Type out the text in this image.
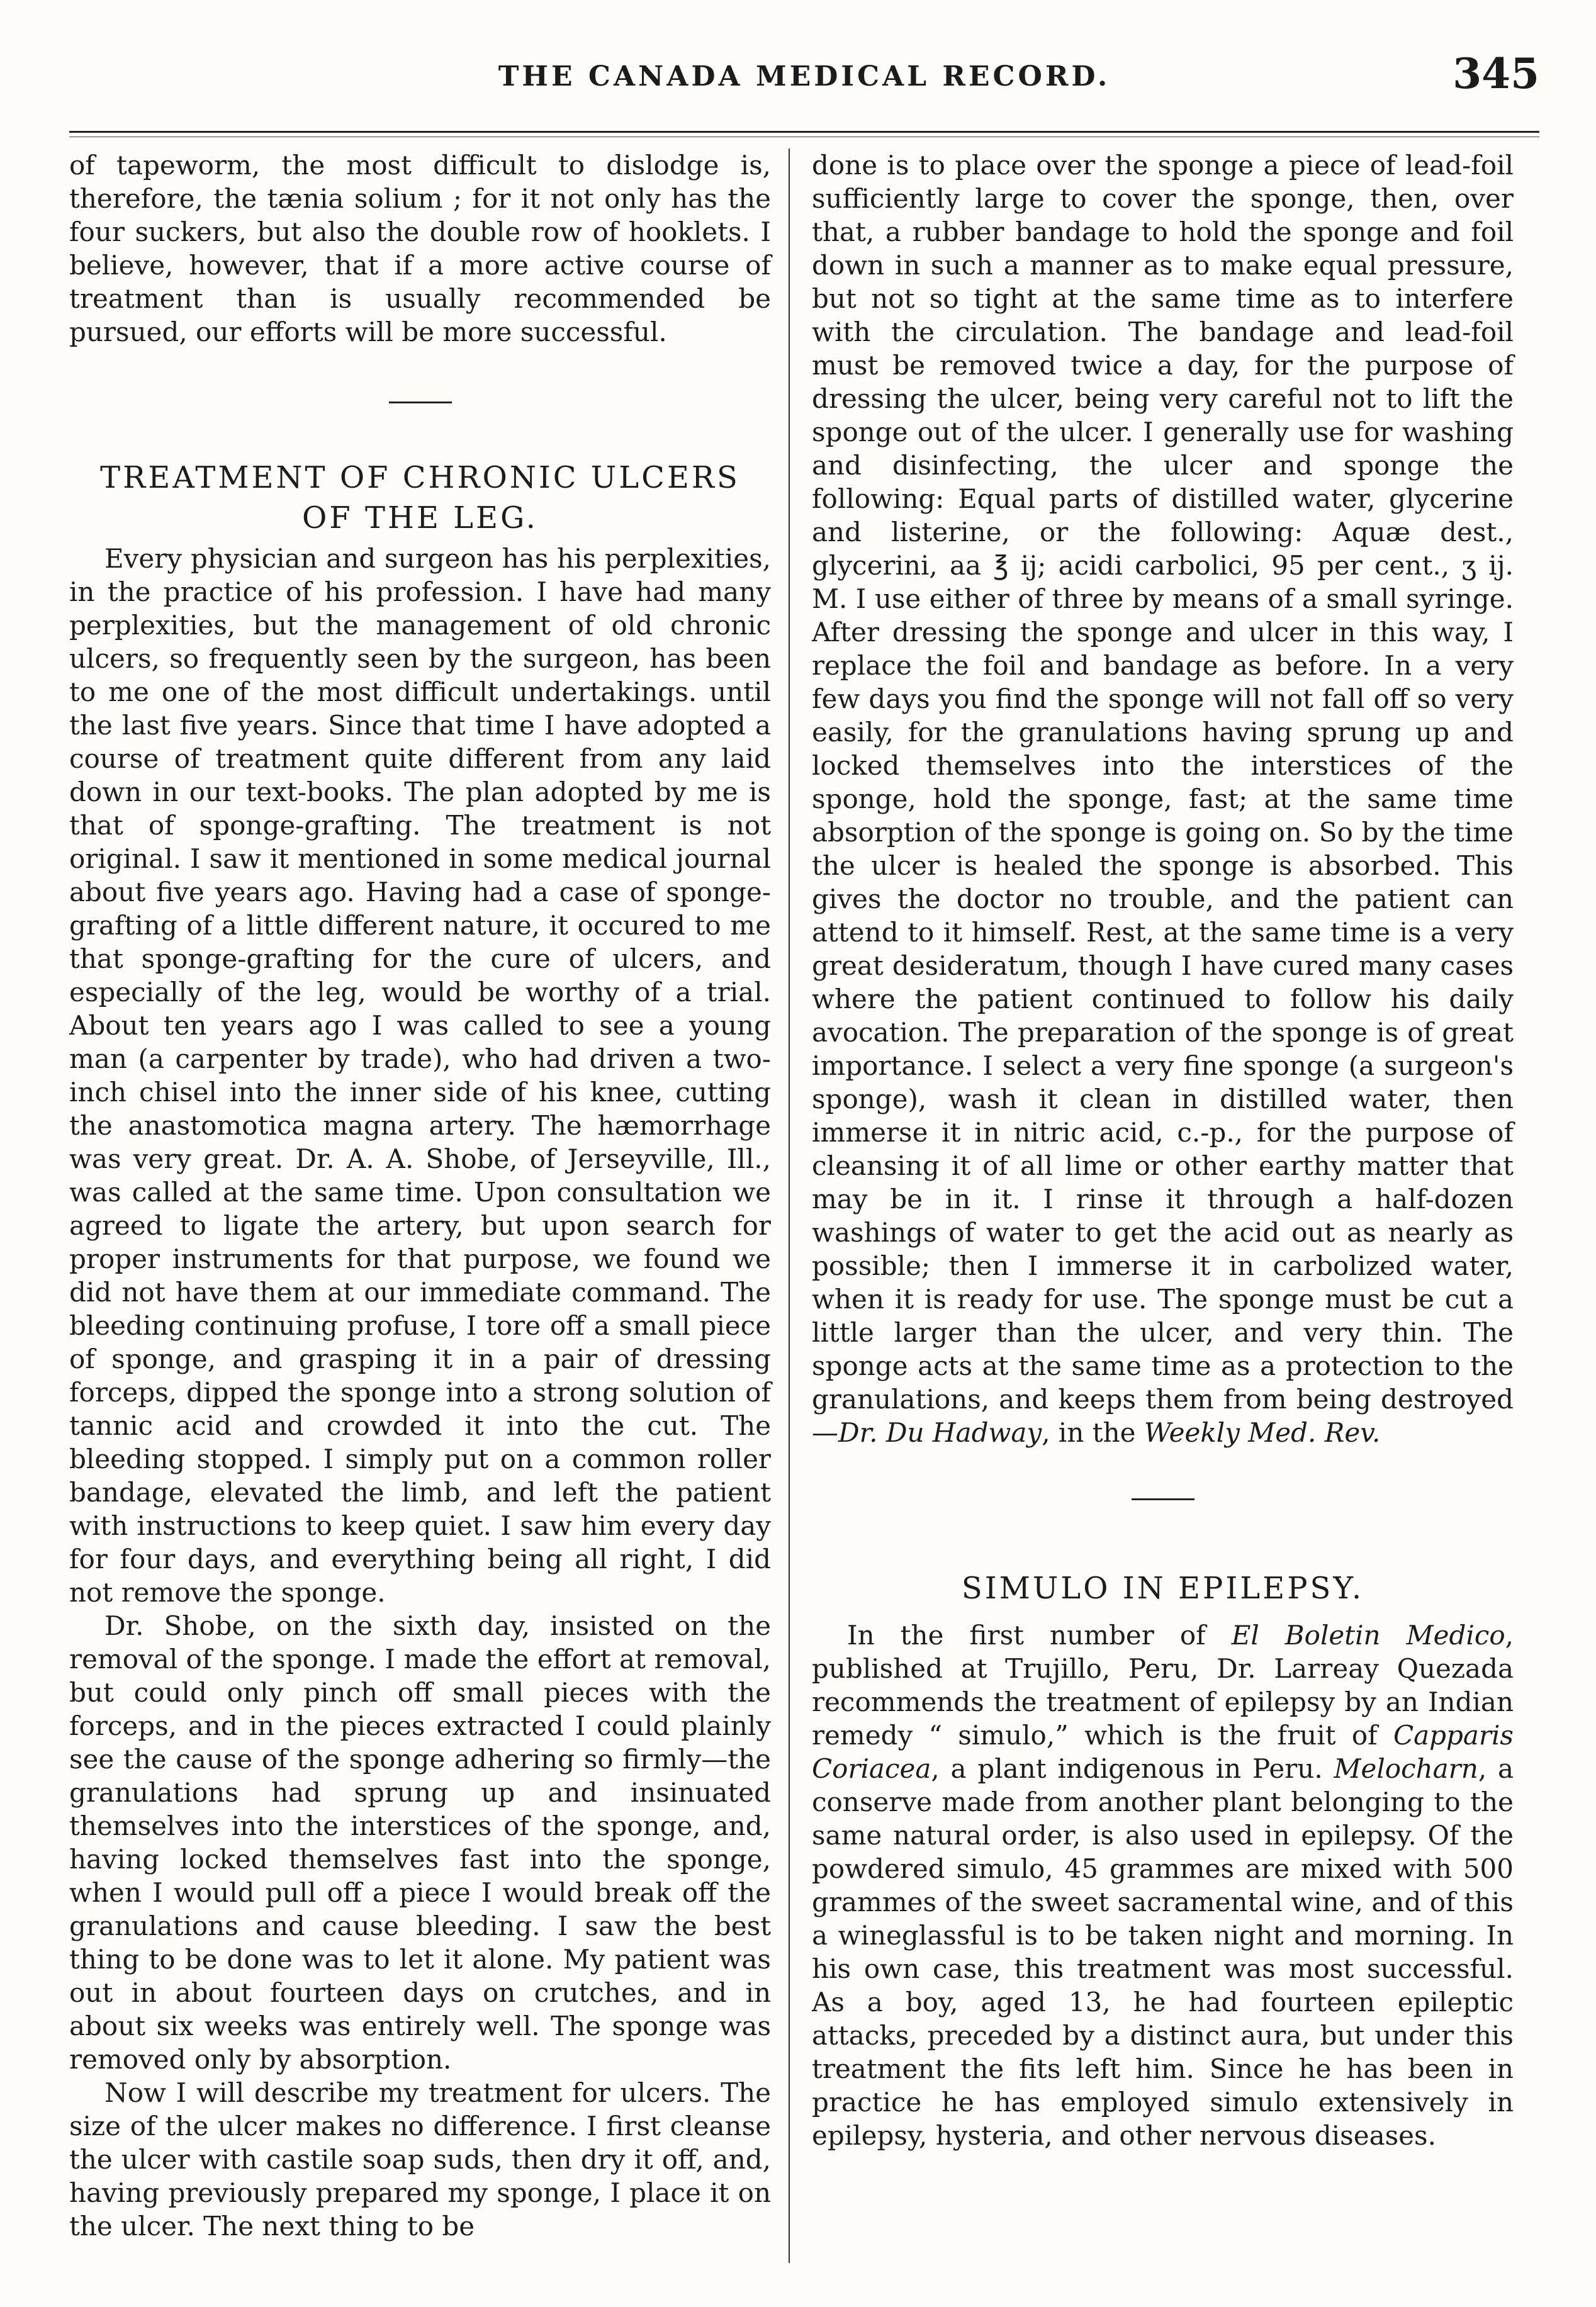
THE CANADA MEDICAL RECORD.	345

of tapeworm, the most difficult to dislodge is, therefore, the tænia solium ; for it not only has the four suckers, but also the double row of hooklets. I believe, however, that if a more active course of treatment than is usually recommended be pursued, our efforts will be more successful.

TREATMENT OF CHRONIC ULCERS
OF THE LEG.

Every physician and surgeon has his perplexities, in the practice of his profession. I have had many perplexities, but the management of old chronic ulcers, so frequently seen by the surgeon, has been to me one of the most difficult undertakings. until the last five years. Since that time I have adopted a course of treatment quite different from any laid down in our text-books. The plan adopted by me is that of sponge-grafting. The treatment is not original. I saw it mentioned in some medical journal about five years ago. Having had a case of sponge-grafting of a little different nature, it occured to me that sponge-grafting for the cure of ulcers, and especially of the leg, would be worthy of a trial. About ten years ago I was called to see a young man (a carpenter by trade), who had driven a two-inch chisel into the inner side of his knee, cutting the anastomotica magna artery. The hæmorrhage was very great. Dr. A. A. Shobe, of Jerseyville, Ill., was called at the same time. Upon consultation we agreed to ligate the artery, but upon search for proper instruments for that purpose, we found we did not have them at our immediate command. The bleeding continuing profuse, I tore off a small piece of sponge, and grasping it in a pair of dressing forceps, dipped the sponge into a strong solution of tannic acid and crowded it into the cut. The bleeding stopped. I simply put on a common roller bandage, elevated the limb, and left the patient with instructions to keep quiet. I saw him every day for four days, and everything being all right, I did not remove the sponge.

Dr. Shobe, on the sixth day, insisted on the removal of the sponge. I made the effort at removal, but could only pinch off small pieces with the forceps, and in the pieces extracted I could plainly see the cause of the sponge adhering so firmly—the granulations had sprung up and insinuated themselves into the interstices of the sponge, and, having locked themselves fast into the sponge, when I would pull off a piece I would break off the granulations and cause bleeding. I saw the best thing to be done was to let it alone. My patient was out in about fourteen days on crutches, and in about six weeks was entirely well. The sponge was removed only by absorption.

Now I will describe my treatment for ulcers. The size of the ulcer makes no difference. I first cleanse the ulcer with castile soap suds, then dry it off, and, having previously prepared my sponge, I place it on the ulcer. The next thing to be

done is to place over the sponge a piece of lead-foil sufficiently large to cover the sponge, then, over that, a rubber bandage to hold the sponge and foil down in such a manner as to make equal pressure, but not so tight at the same time as to interfere with the circulation. The bandage and lead-foil must be removed twice a day, for the purpose of dressing the ulcer, being very careful not to lift the sponge out of the ulcer. I generally use for washing and disinfecting, the ulcer and sponge the following: Equal parts of distilled water, glycerine and listerine, or the following: Aquæ dest., glycerini, aa ℥ ij; acidi carbolici, 95 per cent., ʒ ij. M. I use either of three by means of a small syringe. After dressing the sponge and ulcer in this way, I replace the foil and bandage as before. In a very few days you find the sponge will not fall off so very easily, for the granulations having sprung up and locked themselves into the interstices of the sponge, hold the sponge, fast; at the same time absorption of the sponge is going on. So by the time the ulcer is healed the sponge is absorbed. This gives the doctor no trouble, and the patient can attend to it himself. Rest, at the same time is a very great desideratum, though I have cured many cases where the patient continued to follow his daily avocation. The preparation of the sponge is of great importance. I select a very fine sponge (a surgeon's sponge), wash it clean in distilled water, then immerse it in nitric acid, c.-p., for the purpose of cleansing it of all lime or other earthy matter that may be in it. I rinse it through a half-dozen washings of water to get the acid out as nearly as possible; then I immerse it in carbolized water, when it is ready for use. The sponge must be cut a little larger than the ulcer, and very thin. The sponge acts at the same time as a protection to the granulations, and keeps them from being destroyed—Dr. Du Hadway, in the Weekly Med. Rev.

SIMULO IN EPILEPSY.

In the first number of El Boletin Medico, published at Trujillo, Peru, Dr. Larreay Quezada recommends the treatment of epilepsy by an Indian remedy “ simulo,” which is the fruit of Capparis Coriacea, a plant indigenous in Peru. Melocharn, a conserve made from another plant belonging to the same natural order, is also used in epilepsy. Of the powdered simulo, 45 grammes are mixed with 500 grammes of the sweet sacramental wine, and of this a wineglassful is to be taken night and morning. In his own case, this treatment was most successful. As a boy, aged 13, he had fourteen epileptic attacks, preceded by a distinct aura, but under this treatment the fits left him. Since he has been in practice he has employed simulo extensively in epilepsy, hysteria, and other nervous diseases.
